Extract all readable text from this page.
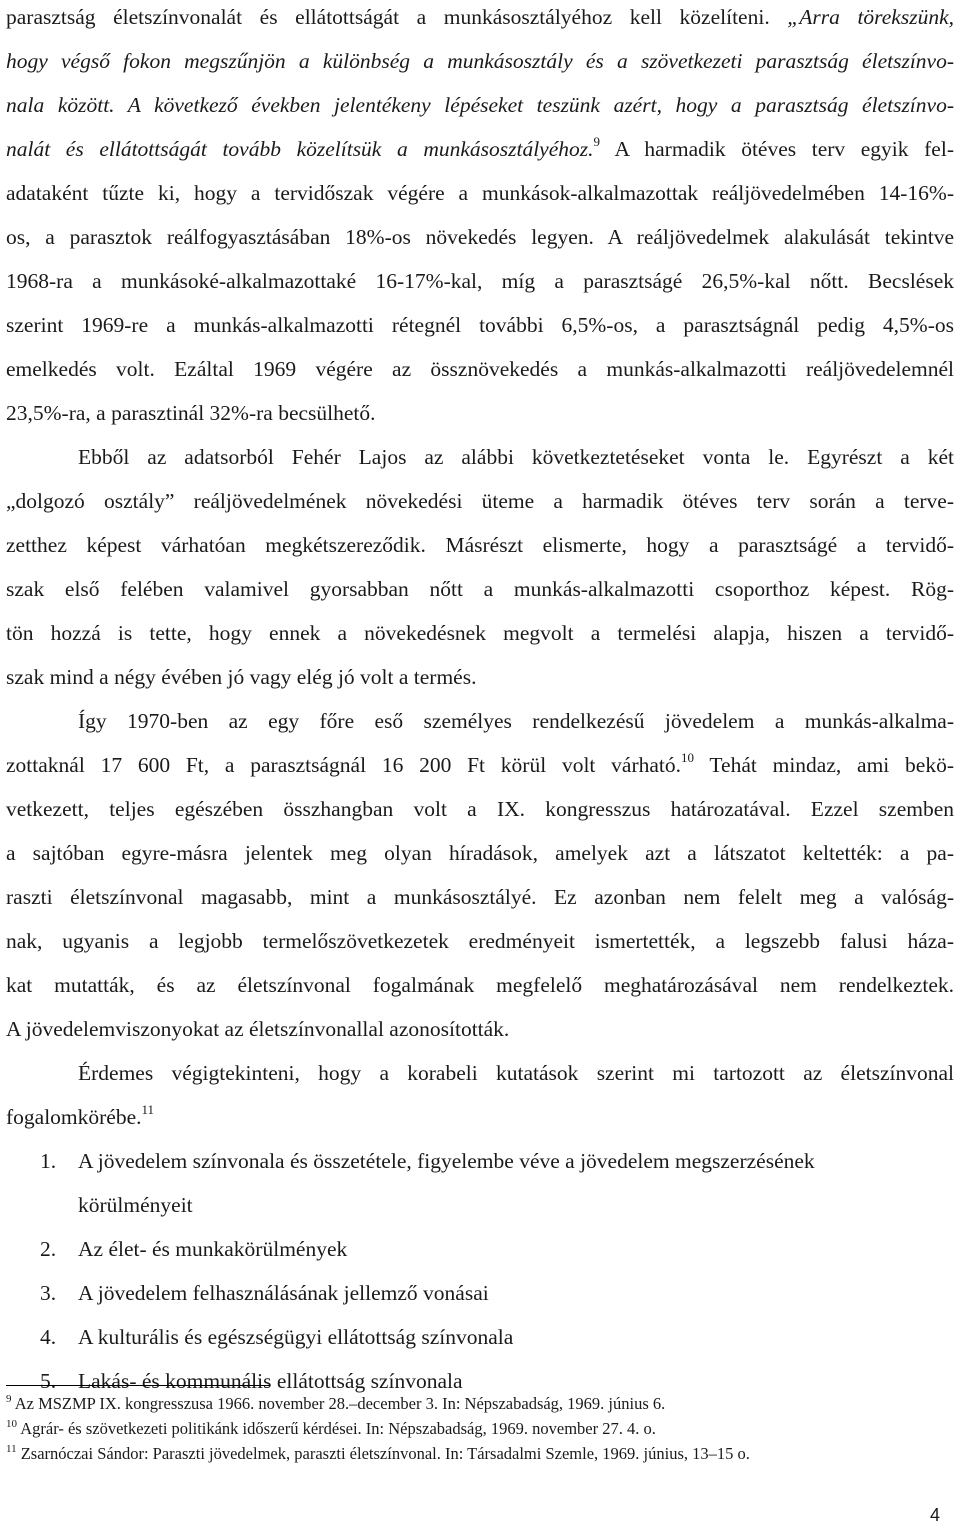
parasztság életszínvonalát és ellátottságát a munkásosztályéhoz kell közelíteni. „Arra törekszünk,
hogy végső fokon megszűnjön a különbség a munkásosztály és a szövetkezeti parasztság életszínvo-
nala között. A következő években jelentékeny lépéseket teszünk azért, hogy a parasztság életszínvo-
nalát és ellátottságát tovább közelítsük a munkásosztályéhoz.$^9$ A harmadik ötéves terv egyik fel-
adataként tűzte ki, hogy a tervidőszak végére a munkások-alkalmazottak reáljövedelmében 14-16%-
os, a parasztok reálfogyasztásában 18%-os növekedés legyen. A reáljövedelmek alakulását tekintve
1968-ra a munkásoké-alkalmazottaké 16-17%-kal, míg a parasztságé 26,5%-kal nőtt. Becslések
szerint 1969-re a munkás-alkalmazotti rétegnél további 6,5%-os, a parasztságnál pedig 4,5%-os
emelkedés volt. Ezáltal 1969 végére az össznövekedés a munkás-alkalmazotti reáljövedelemnél
23,5%-ra, a parasztinál 32%-ra becsülhető.
Ebből az adatsorból Fehér Lajos az alábbi következtetéseket vonta le. Egyrészt a két
„dolgozó osztály” reáljövedelmének növekedési üteme a harmadik ötéves terv során a terve-
zetthez képest várhatóan megkétszereződik. Másrészt elismerte, hogy a parasztságé a tervidő-
szak első felében valamivel gyorsabban nőtt a munkás-alkalmazotti csoporthoz képest. Rög-
tön hozzá is tette, hogy ennek a növekedésnek megvolt a termelési alapja, hiszen a tervidő-
szak mind a négy évében jó vagy elég jó volt a termés.
Így 1970-ben az egy főre eső személyes rendelkezésű jövedelem a munkás-alkalma-
zottaknál 17 600 Ft, a parasztságnál 16 200 Ft körül volt várható.$^{10}$ Tehát mindaz, ami bekö-
vetkezett, teljes egészében összhangban volt a IX. kongresszus határozatával. Ezzel szemben
a sajtóban egyre-másra jelentek meg olyan híradások, amelyek azt a látszatot keltették: a pa-
raszti életszínvonal magasabb, mint a munkásosztályé. Ez azonban nem felelt meg a valóság-
nak, ugyanis a legjobb termelőszövetkezetek eredményeit ismertették, a legszebb falusi háza-
kat mutatták, és az életszínvonal fogalmának megfelelő meghatározásával nem rendelkeztek.
A jövedelemviszonyokat az életszínvonallal azonosították.
Érdemes végigtekinteni, hogy a korabeli kutatások szerint mi tartozott az életszínvonal
fogalomkörébe.$^{11}$
1. A jövedelem színvonala és összetétele, figyelembe véve a jövedelem megszerzésének
körülményeit
2. Az élet- és munkakörülmények
3. A jövedelem felhasználásának jellemző vonásai
4. A kulturális és egészségügyi ellátottság színvonala
5. Lakás- és kommunális ellátottság színvonala
$^9$ Az MSZMP IX. kongresszusa 1966. november 28.–december 3. In: Népszabadság, 1969. június 6.
$^{10}$ Agrár- és szövetkezeti politikánk időszerű kérdései. In: Népszabadság, 1969. november 27. 4. o.
$^{11}$ Zsarnóczai Sándor: Paraszti jövedelmek, paraszti életszínvonal. In: Társadalmi Szemle, 1969. június, 13–15 o.
4
